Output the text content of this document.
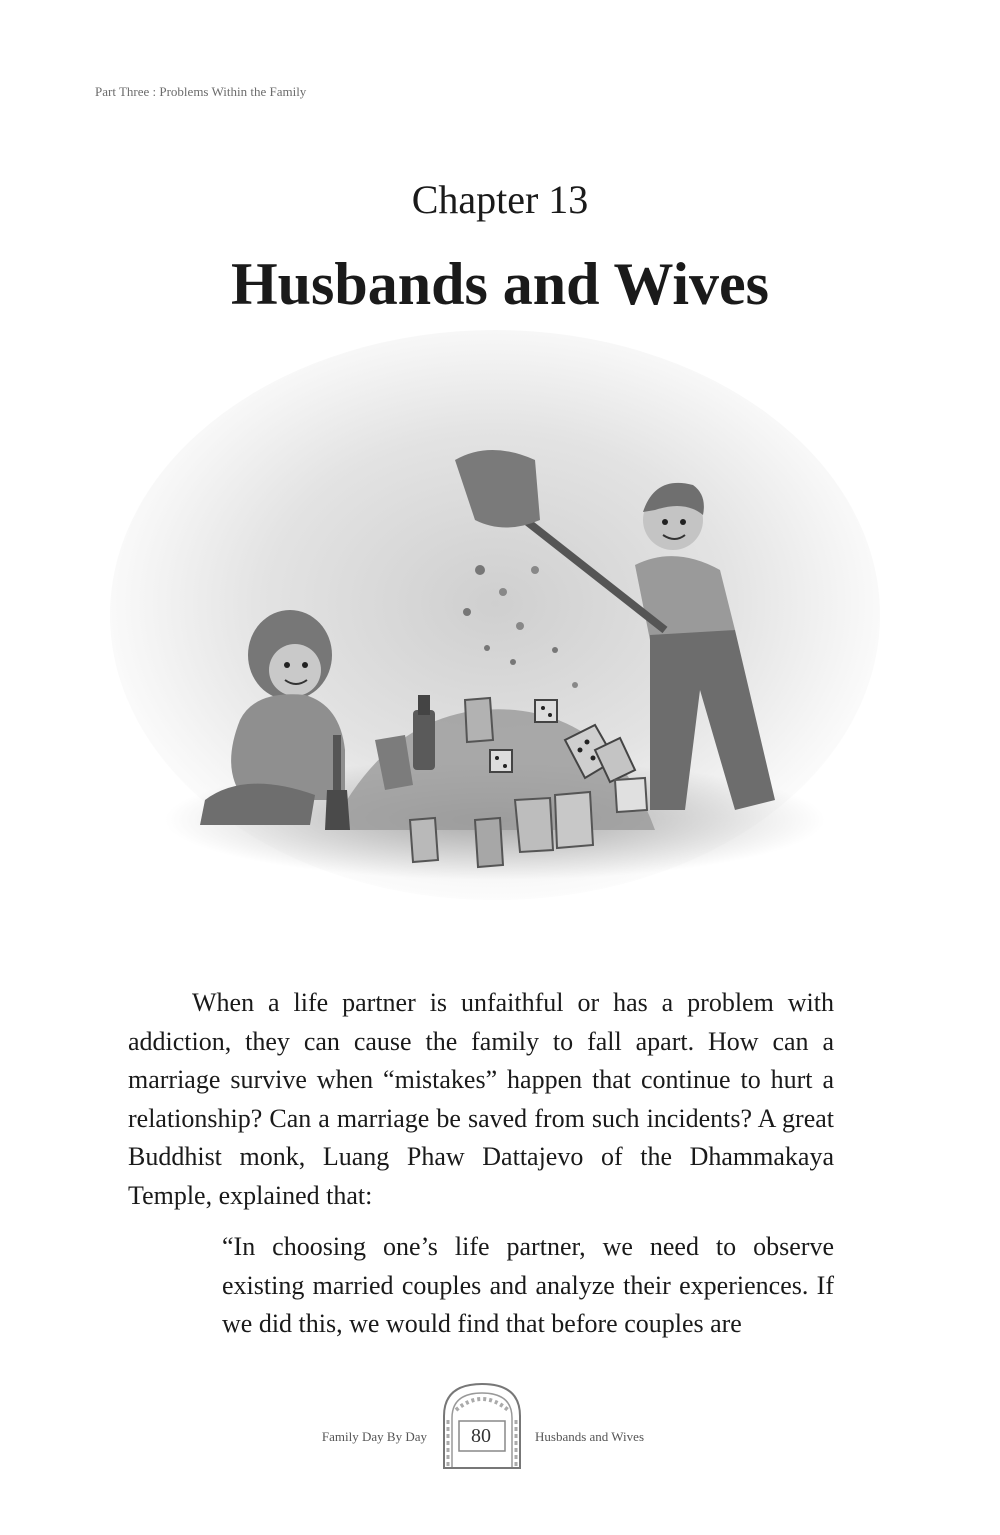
Part Three : Problems Within the Family
Chapter 13
Husbands and Wives

When a life partner is unfaithful or has a problem with addiction, they can cause the family to fall apart. How can a marriage survive when “mistakes” happen that continue to hurt a relationship? Can a marriage be saved from such incidents? A great Buddhist monk, Luang Phaw Dattajevo of the Dhammakaya Temple, explained that:

“In choosing one’s life partner, we need to observe existing married couples and analyze their experiences. If we did this, we would find that before couples are
Family Day By Day	80	Husbands and Wives
